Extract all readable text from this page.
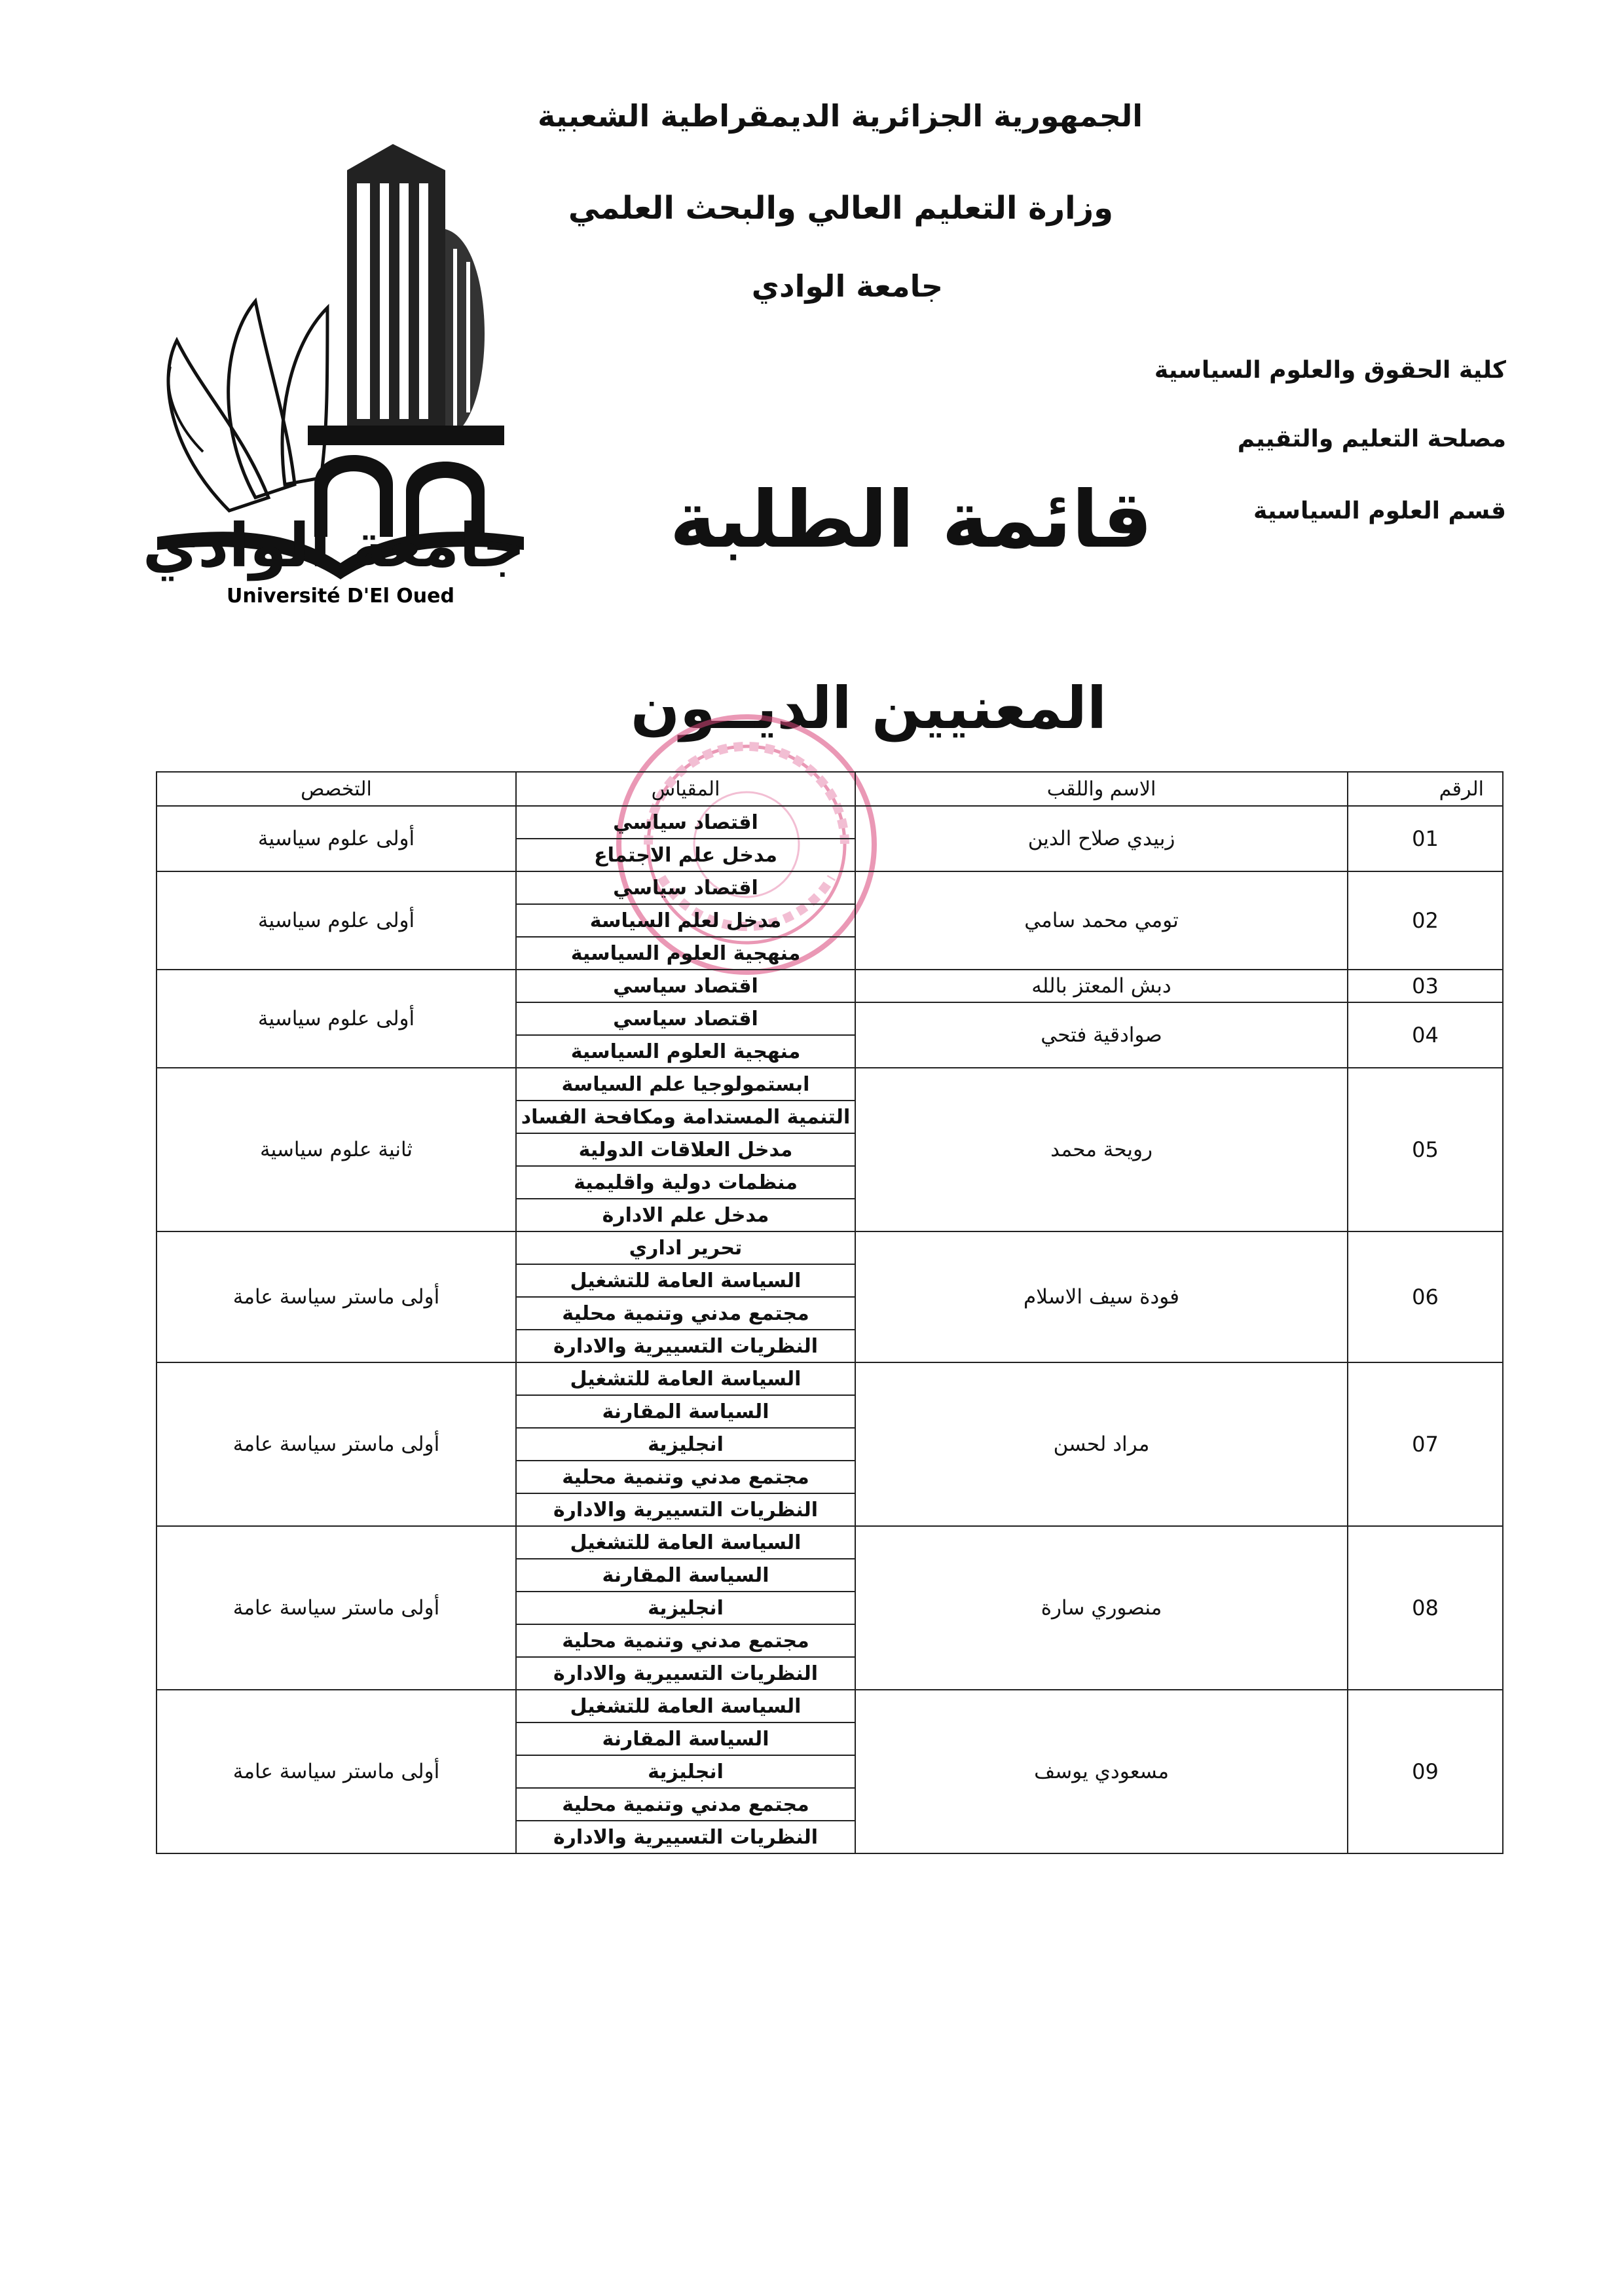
الجمهورية الجزائرية الديمقراطية الشعبية
وزارة التعليم العالي والبحث العلمي
جامعة الوادي
كلية الحقوق والعلوم السياسية
مصلحة التعليم والتقييم
قسم العلوم السياسية
قائمة الطلبة
المعنيين الديــون
Université D'El Oued
جامعة الوادي
الرقم	الاسم واللقب	المقياس	التخصص
01	زبيدي صلاح الدين	اقتصاد سياسي	أولى علوم سياسية
		مدخل علم الاجتماع	
02	تومي محمد سامي	اقتصاد سياسي	أولى علوم سياسية
		مدخل لعلم السياسة	
		منهجية العلوم السياسية	
03	دبش المعتز بالله	اقتصاد سياسي	أولى علوم سياسية
04	صوادقية فتحي	اقتصاد سياسي	
		منهجية العلوم السياسية	
05	رويحة محمد	ابستمولوجيا علم السياسة	ثانية علوم سياسية
		التنمية المستدامة ومكافحة الفساد	
		مدخل العلاقات الدولية	
		منظمات دولية واقليمية	
		مدخل علم الادارة	
06	فودة سيف الاسلام	تحرير اداري	أولى ماستر سياسة عامة
		السياسة العامة للتشغيل	
		مجتمع مدني وتنمية محلية	
		النظريات التسييرية والادارة	
07	مراد لحسن	السياسة العامة للتشغيل	أولى ماستر سياسة عامة
		السياسة المقارنة	
		انجليزية	
		مجتمع مدني وتنمية محلية	
		النظريات التسييرية والادارة	
08	منصوري سارة	السياسة العامة للتشغيل	أولى ماستر سياسة عامة
		السياسة المقارنة	
		انجليزية	
		مجتمع مدني وتنمية محلية	
		النظريات التسييرية والادارة	
09	مسعودي يوسف	السياسة العامة للتشغيل	أولى ماستر سياسة عامة
		السياسة المقارنة	
		انجليزية	
		مجتمع مدني وتنمية محلية	
		النظريات التسييرية والادارة	
